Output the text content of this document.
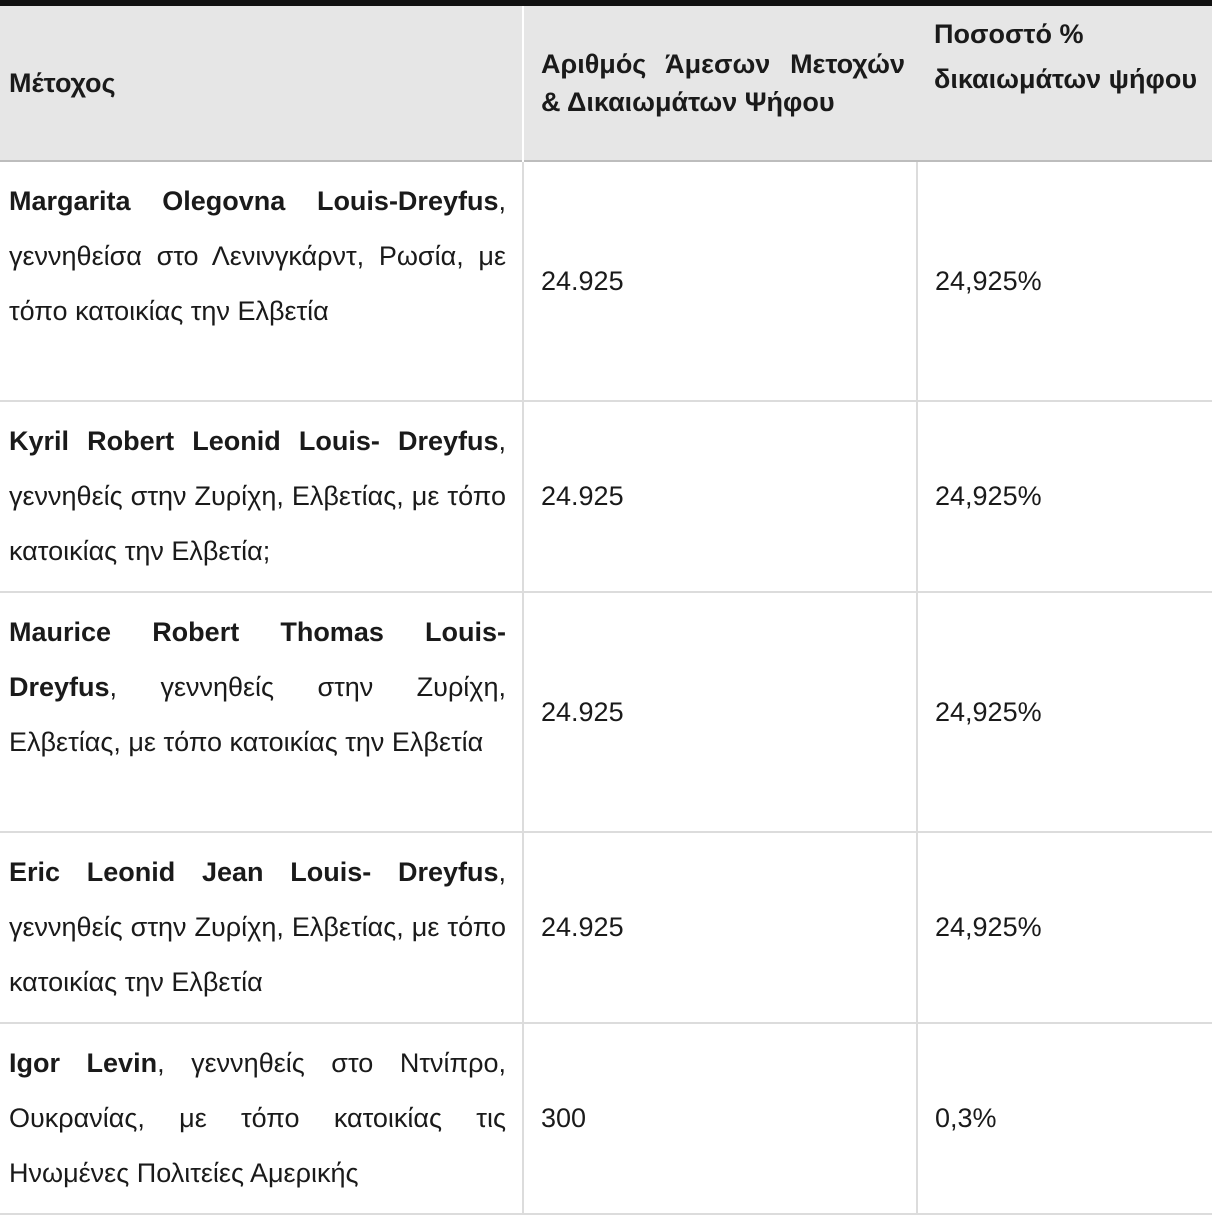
Μέτοχος	Αριθμός Άμεσων Μετοχών & Δικαιωμάτων Ψήφου	Ποσοστό %
δικαιωμάτων ψήφου

Margarita Olegovna Louis-Dreyfus, γεννηθείσα στο Λενινγκάρντ, Ρωσία, με τόπο κατοικίας την Ελβετία	24.925	24,925%
Kyril Robert Leonid Louis- Dreyfus, γεννηθείς στην Ζυρίχη, Ελβετίας, με τόπο κατοικίας την Ελβετία;	24.925	24,925%
Maurice Robert Thomas Louis-Dreyfus, γεννηθείς στην Ζυρίχη, Ελβετίας, με τόπο κατοικίας την Ελβετία	24.925	24,925%
Eric Leonid Jean Louis- Dreyfus, γεννηθείς στην Ζυρίχη, Ελβετίας, με τόπο κατοικίας την Ελβετία	24.925	24,925%
Igor Levin, γεννηθείς στο Ντνίπρο, Ουκρανίας, με τόπο κατοικίας τις Ηνωμένες Πολιτείες Αμερικής	300	0,3%
